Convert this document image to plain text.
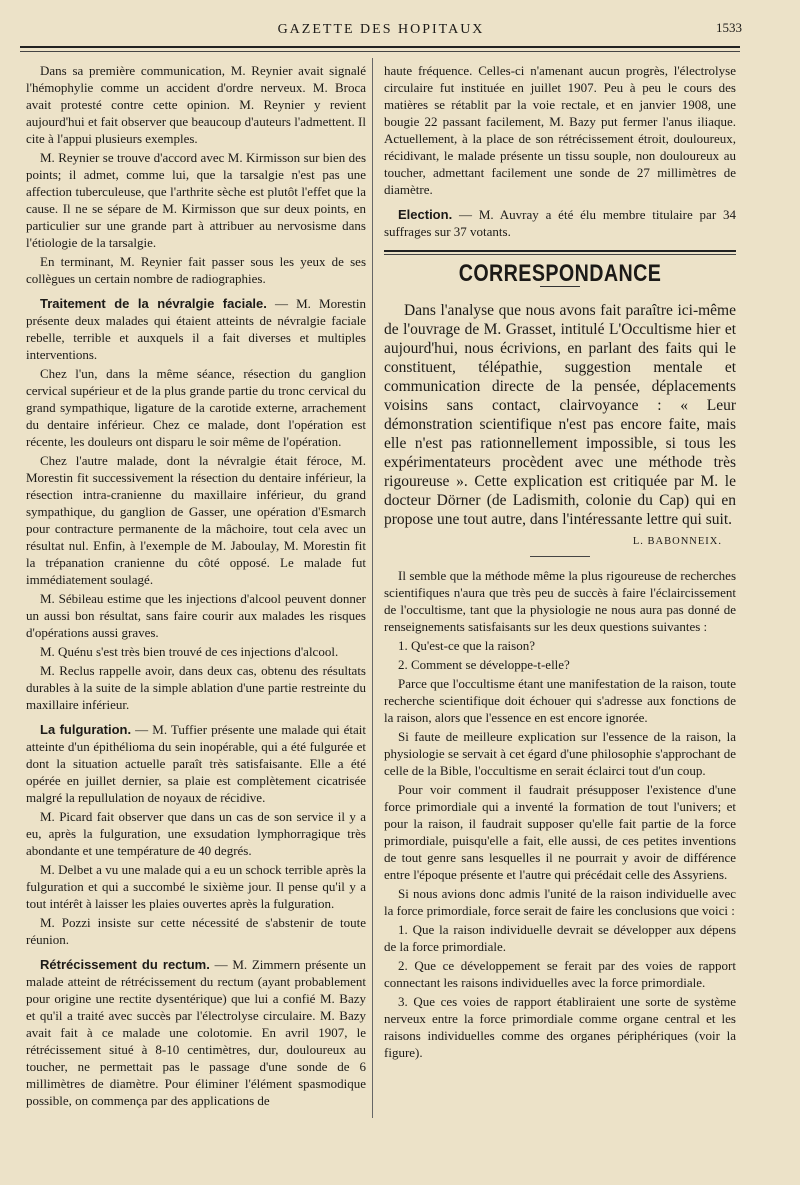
GAZETTE DES HOPITAUX	1533

Dans sa première communication, M. Reynier avait signalé l'hémophylie comme un accident d'ordre nerveux. M. Broca avait protesté contre cette opinion. M. Reynier y revient aujourd'hui et fait observer que beaucoup d'auteurs l'admettent. Il cite à l'appui plusieurs exemples.

M. Reynier se trouve d'accord avec M. Kirmisson sur bien des points; il admet, comme lui, que la tarsalgie n'est pas une affection tuberculeuse, que l'arthrite sèche est plutôt l'effet que la cause. Il ne se sépare de M. Kirmisson que sur deux points, en particulier sur une grande part à attribuer au nervosisme dans l'étiologie de la tarsalgie.

En terminant, M. Reynier fait passer sous les yeux de ses collègues un certain nombre de radiographies.

Traitement de la névralgie faciale. — M. Morestin présente deux malades qui étaient atteints de névralgie faciale rebelle, terrible et auxquels il a fait diverses et multiples interventions.

Chez l'un, dans la même séance, résection du ganglion cervical supérieur et de la plus grande partie du tronc cervical du grand sympathique, ligature de la carotide externe, arrachement du dentaire inférieur. Chez ce malade, dont l'opération est récente, les douleurs ont disparu le soir même de l'opération.

Chez l'autre malade, dont la névralgie était féroce, M. Morestin fit successivement la résection du dentaire inférieur, la résection intra-cranienne du maxillaire inférieur, du grand sympathique, du ganglion de Gasser, une opération d'Esmarch pour contracture permanente de la mâchoire, tout cela avec un résultat nul. Enfin, à l'exemple de M. Jaboulay, M. Morestin fit la trépanation cranienne du côté opposé. Le malade fut immédiatement soulagé.

M. Sébileau estime que les injections d'alcool peuvent donner un aussi bon résultat, sans faire courir aux malades les risques d'opérations aussi graves.

M. Quénu s'est très bien trouvé de ces injections d'alcool.

M. Reclus rappelle avoir, dans deux cas, obtenu des résultats durables à la suite de la simple ablation d'une partie restreinte du maxillaire inférieur.

La fulguration. — M. Tuffier présente une malade qui était atteinte d'un épithélioma du sein inopérable, qui a été fulgurée et dont la situation actuelle paraît très satisfaisante. Elle a été opérée en juillet dernier, sa plaie est complètement cicatrisée malgré la repullulation de noyaux de récidive.

M. Picard fait observer que dans un cas de son service il y a eu, après la fulguration, une exsudation lymphorragique très abondante et une température de 40 degrés.

M. Delbet a vu une malade qui a eu un schock terrible après la fulguration et qui a succombé le sixième jour. Il pense qu'il y a tout intérêt à laisser les plaies ouvertes après la fulguration.

M. Pozzi insiste sur cette nécessité de s'abstenir de toute réunion.

Rétrécissement du rectum. — M. Zimmern présente un malade atteint de rétrécissement du rectum (ayant probablement pour origine une rectite dysentérique) que lui a confié M. Bazy et qu'il a traité avec succès par l'électrolyse circulaire. M. Bazy avait fait à ce malade une colotomie. En avril 1907, le rétrécissement situé à 8-10 centimètres, dur, douloureux au toucher, ne permettait pas le passage d'une sonde de 6 millimètres de diamètre. Pour éliminer l'élément spasmodique possible, on commença par des applications de

haute fréquence. Celles-ci n'amenant aucun progrès, l'électrolyse circulaire fut instituée en juillet 1907. Peu à peu le cours des matières se rétablit par la voie rectale, et en janvier 1908, une bougie 22 passant facilement, M. Bazy put fermer l'anus iliaque. Actuellement, à la place de son rétrécissement étroit, douloureux, récidivant, le malade présente un tissu souple, non douloureux au toucher, admettant facilement une sonde de 27 millimètres de diamètre.

Election. — M. Auvray a été élu membre titulaire par 34 suffrages sur 37 votants.

CORRESPONDANCE

Dans l'analyse que nous avons fait paraître ici-même de l'ouvrage de M. Grasset, intitulé L'Occultisme hier et aujourd'hui, nous écrivions, en parlant des faits qui le constituent, télépathie, suggestion mentale et communication directe de la pensée, déplacements voisins sans contact, clairvoyance : « Leur démonstration scientifique n'est pas encore faite, mais elle n'est pas rationnellement impossible, si tous les expérimentateurs procèdent avec une méthode très rigoureuse ». Cette explication est critiquée par M. le docteur Dörner (de Ladismith, colonie du Cap) qui en propose une tout autre, dans l'intéressante lettre qui suit.

L. BABONNEIX.

Il semble que la méthode même la plus rigoureuse de recherches scientifiques n'aura que très peu de succès à faire l'éclaircissement de l'occultisme, tant que la physiologie ne nous aura pas donné de renseignements satisfaisants sur les deux questions suivantes :

1. Qu'est-ce que la raison?

2. Comment se développe-t-elle?

Parce que l'occultisme étant une manifestation de la raison, toute recherche scientifique doit échouer qui s'adresse aux fonctions de la raison, alors que l'essence en est encore ignorée.

Si faute de meilleure explication sur l'essence de la raison, la physiologie se servait à cet égard d'une philosophie s'approchant de celle de la Bible, l'occultisme en serait éclairci tout d'un coup.

Pour voir comment il faudrait présupposer l'existence d'une force primordiale qui a inventé la formation de tout l'univers; et pour la raison, il faudrait supposer qu'elle fait partie de la force primordiale, puisqu'elle a fait, elle aussi, de ces petites inventions de tout genre sans lesquelles il ne pourrait y avoir de différence entre l'époque présente et l'autre qui précédait celle des Assyriens.

Si nous avions donc admis l'unité de la raison individuelle avec la force primordiale, force serait de faire les conclusions que voici :

1. Que la raison individuelle devrait se développer aux dépens de la force primordiale.

2. Que ce développement se ferait par des voies de rapport connectant les raisons individuelles avec la force primordiale.

3. Que ces voies de rapport établiraient une sorte de système nerveux entre la force primordiale comme organe central et les raisons individuelles comme des organes périphériques (voir la figure).
